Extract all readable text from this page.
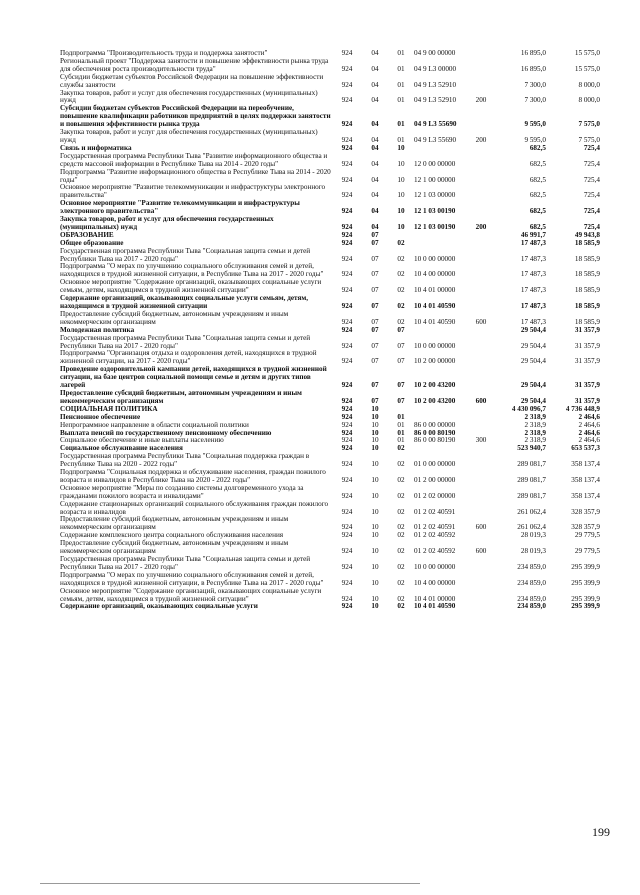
Подпрограмма "Производительность труда и поддержка занятости"	924	04	01	04 9 00 00000		16 895,0	15 575,0
Региональный проект "Поддержка занятости и повышение эффективности рынка труда для обеспечения роста производительности труда"	924	04	01	04 9 L3 00000		16 895,0	15 575,0
Субсидии бюджетам субъектов Российской Федерации на повышение эффективности службы занятости	924	04	01	04 9 L3 52910		7 300,0	8 000,0
Закупка товаров, работ и услуг для обеспечения государственных (муниципальных) нужд	924	04	01	04 9 L3 52910	200	7 300,0	8 000,0
Субсидии бюджетам субъектов Российской Федерации на переобучение, повышение квалификации работников предприятий в целях поддержки занятости и повышения эффективности рынка труда	924	04	01	04 9 L3 55690		9 595,0	7 575,0
Закупка товаров, работ и услуг для обеспечения государственных (муниципальных) нужд	924	04	01	04 9 L3 55690	200	9 595,0	7 575,0
Связь и информатика	924	04	10			682,5	725,4
Государственная программа Республики Тыва "Развитие информационного общества и средств массовой информации в Республике Тыва на 2014 - 2020 годы"	924	04	10	12 0 00 00000		682,5	725,4
Подпрограмма "Развитие информационного общества в Республике Тыва на 2014 - 2020 годы"	924	04	10	12 1 00 00000		682,5	725,4
Основное мероприятие "Развитие телекоммуникации и инфраструктуры электронного правительства"	924	04	10	12 1 03 00000		682,5	725,4
Основное мероприятие "Развитие телекоммуникации и инфраструктуры электронного правительства"	924	04	10	12 1 03 00190		682,5	725,4
Закупка товаров, работ и услуг для обеспечения государственных (муниципальных) нужд	924	04	10	12 1 03 00190	200	682,5	725,4
ОБРАЗОВАНИЕ	924	07				46 991,7	49 943,8
Общее образование	924	07	02			17 487,3	18 585,9
Государственная программа Республики Тыва "Социальная защита семьи и детей Республики Тыва на 2017 - 2020 годы"	924	07	02	10 0 00 00000		17 487,3	18 585,9
Подпрограмма "О мерах по улучшению социального обслуживания семей и детей, находящихся в трудной жизненной ситуации, в Республике Тыва на 2017 - 2020 годы"	924	07	02	10 4 00 00000		17 487,3	18 585,9
Основное мероприятие "Содержание организаций, оказывающих социальные услуги семьям, детям, находящимся в трудной жизненной ситуации"	924	07	02	10 4 01 00000		17 487,3	18 585,9
Содержание организаций, оказывающих социальные услуги семьям, детям, находящимся в трудной жизненной ситуации	924	07	02	10 4 01 40590		17 487,3	18 585,9
Предоставление субсидий бюджетным, автономным учреждениям и иным некоммерческим организациям	924	07	02	10 4 01 40590	600	17 487,3	18 585,9
Молодежная политика	924	07	07			29 504,4	31 357,9
Государственная программа Республики Тыва "Социальная защита семьи и детей Республики Тыва на 2017 - 2020 годы"	924	07	07	10 0 00 00000		29 504,4	31 357,9
Подпрограмма "Организация отдыха и оздоровления детей, находящихся в трудной жизненной ситуации, на 2017 - 2020 годы"	924	07	07	10 2 00 00000		29 504,4	31 357,9
Проведение оздоровительной кампании детей, находящихся в трудной жизненной ситуации, на базе центров социальной помощи семье и детям и других типов лагерей	924	07	07	10 2 00 43200		29 504,4	31 357,9
Предоставление субсидий бюджетным, автономным учреждениям и иным некоммерческим организациям	924	07	07	10 2 00 43200	600	29 504,4	31 357,9
СОЦИАЛЬНАЯ ПОЛИТИКА	924	10				4 430 096,7	4 736 448,9
Пенсионное обеспечение	924	10	01			2 318,9	2 464,6
Непрограммное направление в области социальной политики	924	10	01	86 0 00 00000		2 318,9	2 464,6
Выплата пенсий по государственному пенсионному обеспечению	924	10	01	86 0 00 80190		2 318,9	2 464,6
Социальное обеспечение и иные выплаты населению	924	10	01	86 0 00 80190	300	2 318,9	2 464,6
Социальное обслуживание населения	924	10	02			523 940,7	653 537,3
Государственная программа Республики Тыва "Социальная поддержка граждан в Республике Тыва на 2020 - 2022 годы"	924	10	02	01 0 00 00000		289 081,7	358 137,4
Подпрограмма "Социальная поддержка и обслуживание населения, граждан пожилого возраста и инвалидов в Республике Тыва на 2020 - 2022 годы"	924	10	02	01 2 00 00000		289 081,7	358 137,4
Основное мероприятие "Меры по созданию системы долговременного ухода за гражданами пожилого возраста и инвалидами"	924	10	02	01 2 02 00000		289 081,7	358 137,4
Содержание стационарных организаций социального обслуживания граждан пожилого возраста и инвалидов	924	10	02	01 2 02 40591		261 062,4	328 357,9
Предоставление субсидий бюджетным, автономным учреждениям и иным некоммерческим организациям	924	10	02	01 2 02 40591	600	261 062,4	328 357,9
Содержание комплексного центра социального обслуживания населения	924	10	02	01 2 02 40592		28 019,3	29 779,5
Предоставление субсидий бюджетным, автономным учреждениям и иным некоммерческим организациям	924	10	02	01 2 02 40592	600	28 019,3	29 779,5
Государственная программа Республики Тыва "Социальная защита семьи и детей Республики Тыва на 2017 - 2020 годы"	924	10	02	10 0 00 00000		234 859,0	295 399,9
Подпрограмма "О мерах по улучшению социального обслуживания семей и детей, находящихся в трудной жизненной ситуации, в Республике Тыва на 2017 - 2020 годы"	924	10	02	10 4 00 00000		234 859,0	295 399,9
Основное мероприятие "Содержание организаций, оказывающих социальные услуги семьям, детям, находящимся в трудной жизненной ситуации"	924	10	02	10 4 01 00000		234 859,0	295 399,9
Содержание организаций, оказывающих социальные услуги	924	10	02	10 4 01 40590		234 859,0	295 399,9
199
